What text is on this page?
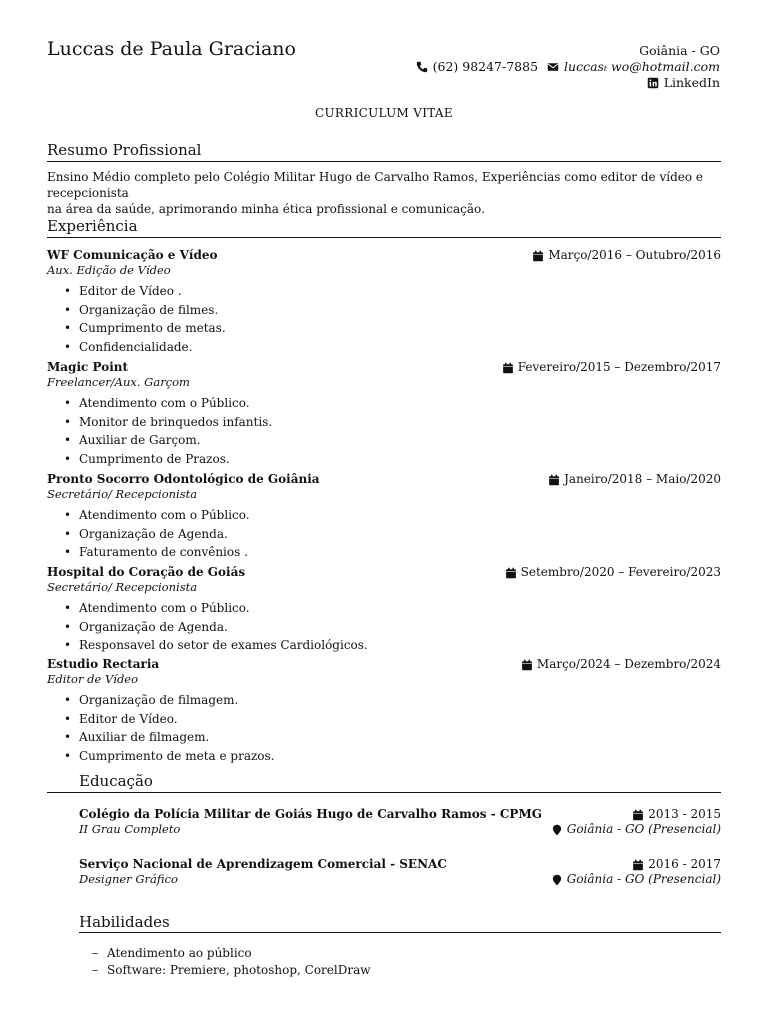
Luccas de Paula Graciano	Goiânia - GO
(62) 98247-7885 luccasₜ wo@hotmail.com
LinkedIn
CURRICULUM VITAE
Resumo Profissional
Ensino Médio completo pelo Colégio Militar Hugo de Carvalho Ramos, Experiências como editor de vídeo e recepcionista
na área da saúde, aprimorando minha ética profissional e comunicação.
Experiência
WF Comunicação e Vídeo	Março/2016 – Outubro/2016
Aux. Edição de Vídeo
• Editor de Vídeo .
• Organização de filmes.
• Cumprimento de metas.
• Confidencialidade.
Magic Point	Fevereiro/2015 – Dezembro/2017
Freelancer/Aux. Garçom
• Atendimento com o Público.
• Monitor de brinquedos infantis.
• Auxiliar de Garçom.
• Cumprimento de Prazos.
Pronto Socorro Odontológico de Goiânia	Janeiro/2018 – Maio/2020
Secretário/ Recepcionista
• Atendimento com o Público.
• Organização de Agenda.
• Faturamento de convênios .
Hospital do Coração de Goiás	Setembro/2020 – Fevereiro/2023
Secretário/ Recepcionista
• Atendimento com o Público.
• Organização de Agenda.
• Responsavel do setor de exames Cardiológicos.
Estudio Rectaria	Março/2024 – Dezembro/2024
Editor de Vídeo
• Organização de filmagem.
• Editor de Vídeo.
• Auxiliar de filmagem.
• Cumprimento de meta e prazos.
Educação
Colégio da Polícia Militar de Goiás Hugo de Carvalho Ramos - CPMG	2013 - 2015
II Grau Completo	Goiânia - GO (Presencial)
Serviço Nacional de Aprendizagem Comercial - SENAC	2016 - 2017
Designer Gráfico	Goiânia - GO (Presencial)
Habilidades
– Atendimento ao público
– Software: Premiere, photoshop, CorelDraw
